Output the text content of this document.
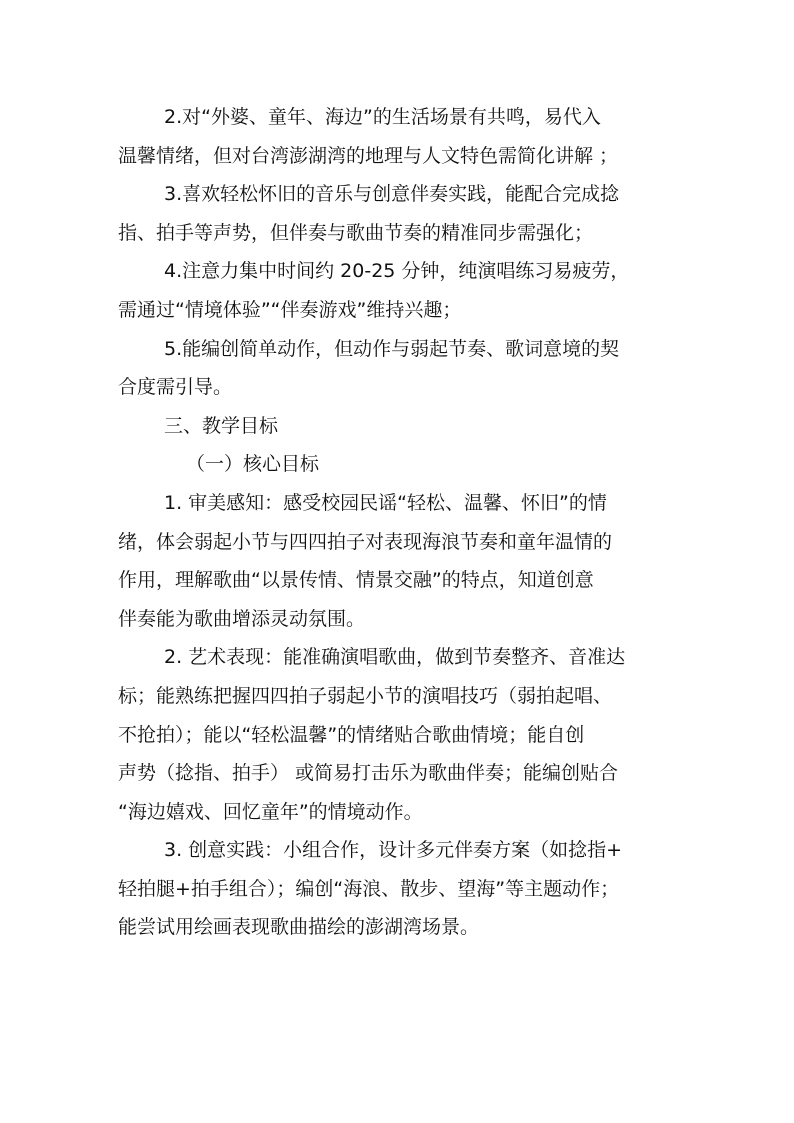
2.对“外婆、童年、海边”的生活场景有共鸣，易代入
温馨情绪，但对台湾澎湖湾的地理与人文特色需简化讲解 ；
3.喜欢轻松怀旧的音乐与创意伴奏实践，能配合完成捻
指、拍手等声势，但伴奏与歌曲节奏的精准同步需强化；
4.注意力集中时间约 20-25 分钟，纯演唱练习易疲劳，
需通过“情境体验”“伴奏游戏”维持兴趣；
5.能编创简单动作，但动作与弱起节奏、歌词意境的契
合度需引导。
三、教学目标
（一）核心目标
1. 审美感知：感受校园民谣“轻松、温馨、怀旧”的情
绪，体会弱起小节与四四拍子对表现海浪节奏和童年温情的
作用，理解歌曲“以景传情、情景交融”的特点，知道创意
伴奏能为歌曲增添灵动氛围。
2. 艺术表现：能准确演唱歌曲，做到节奏整齐、音准达
标；能熟练把握四四拍子弱起小节的演唱技巧（弱拍起唱、
不抢拍）；能以“轻松温馨”的情绪贴合歌曲情境；能自创
声势（捻指、拍手） 或简易打击乐为歌曲伴奏；能编创贴合
“海边嬉戏、回忆童年”的情境动作。
3. 创意实践：小组合作，设计多元伴奏方案（如捻指+
轻拍腿+拍手组合）；编创“海浪、散步、望海”等主题动作；
能尝试用绘画表现歌曲描绘的澎湖湾场景。
